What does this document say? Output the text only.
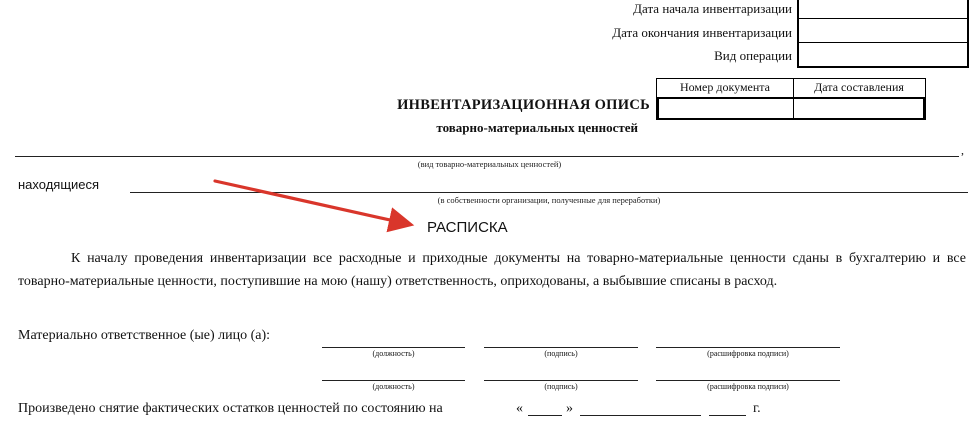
Дата начала инвентаризации
Дата окончания инвентаризации
Вид операции
Номер документа	Дата составления
ИНВЕНТАРИЗАЦИОННАЯ ОПИСЬ
товарно-материальных ценностей
,
(вид товарно-материальных ценностей)
находящиеся
(в собственности организации, полученные для переработки)
РАСПИСКА
К началу проведения инвентаризации все расходные и приходные документы на товарно-материальные ценности сданы в бухгалтерию и все товарно-материальные ценности, поступившие на мою (нашу) ответственность, оприходованы, а выбывшие списаны в расход.
Материально ответственное (ые) лицо (а):
(должность)	(подпись)	(расшифровка подписи)
(должность)	(подпись)	(расшифровка подписи)
Произведено снятие фактических остатков ценностей по состоянию на	«	»	г.
